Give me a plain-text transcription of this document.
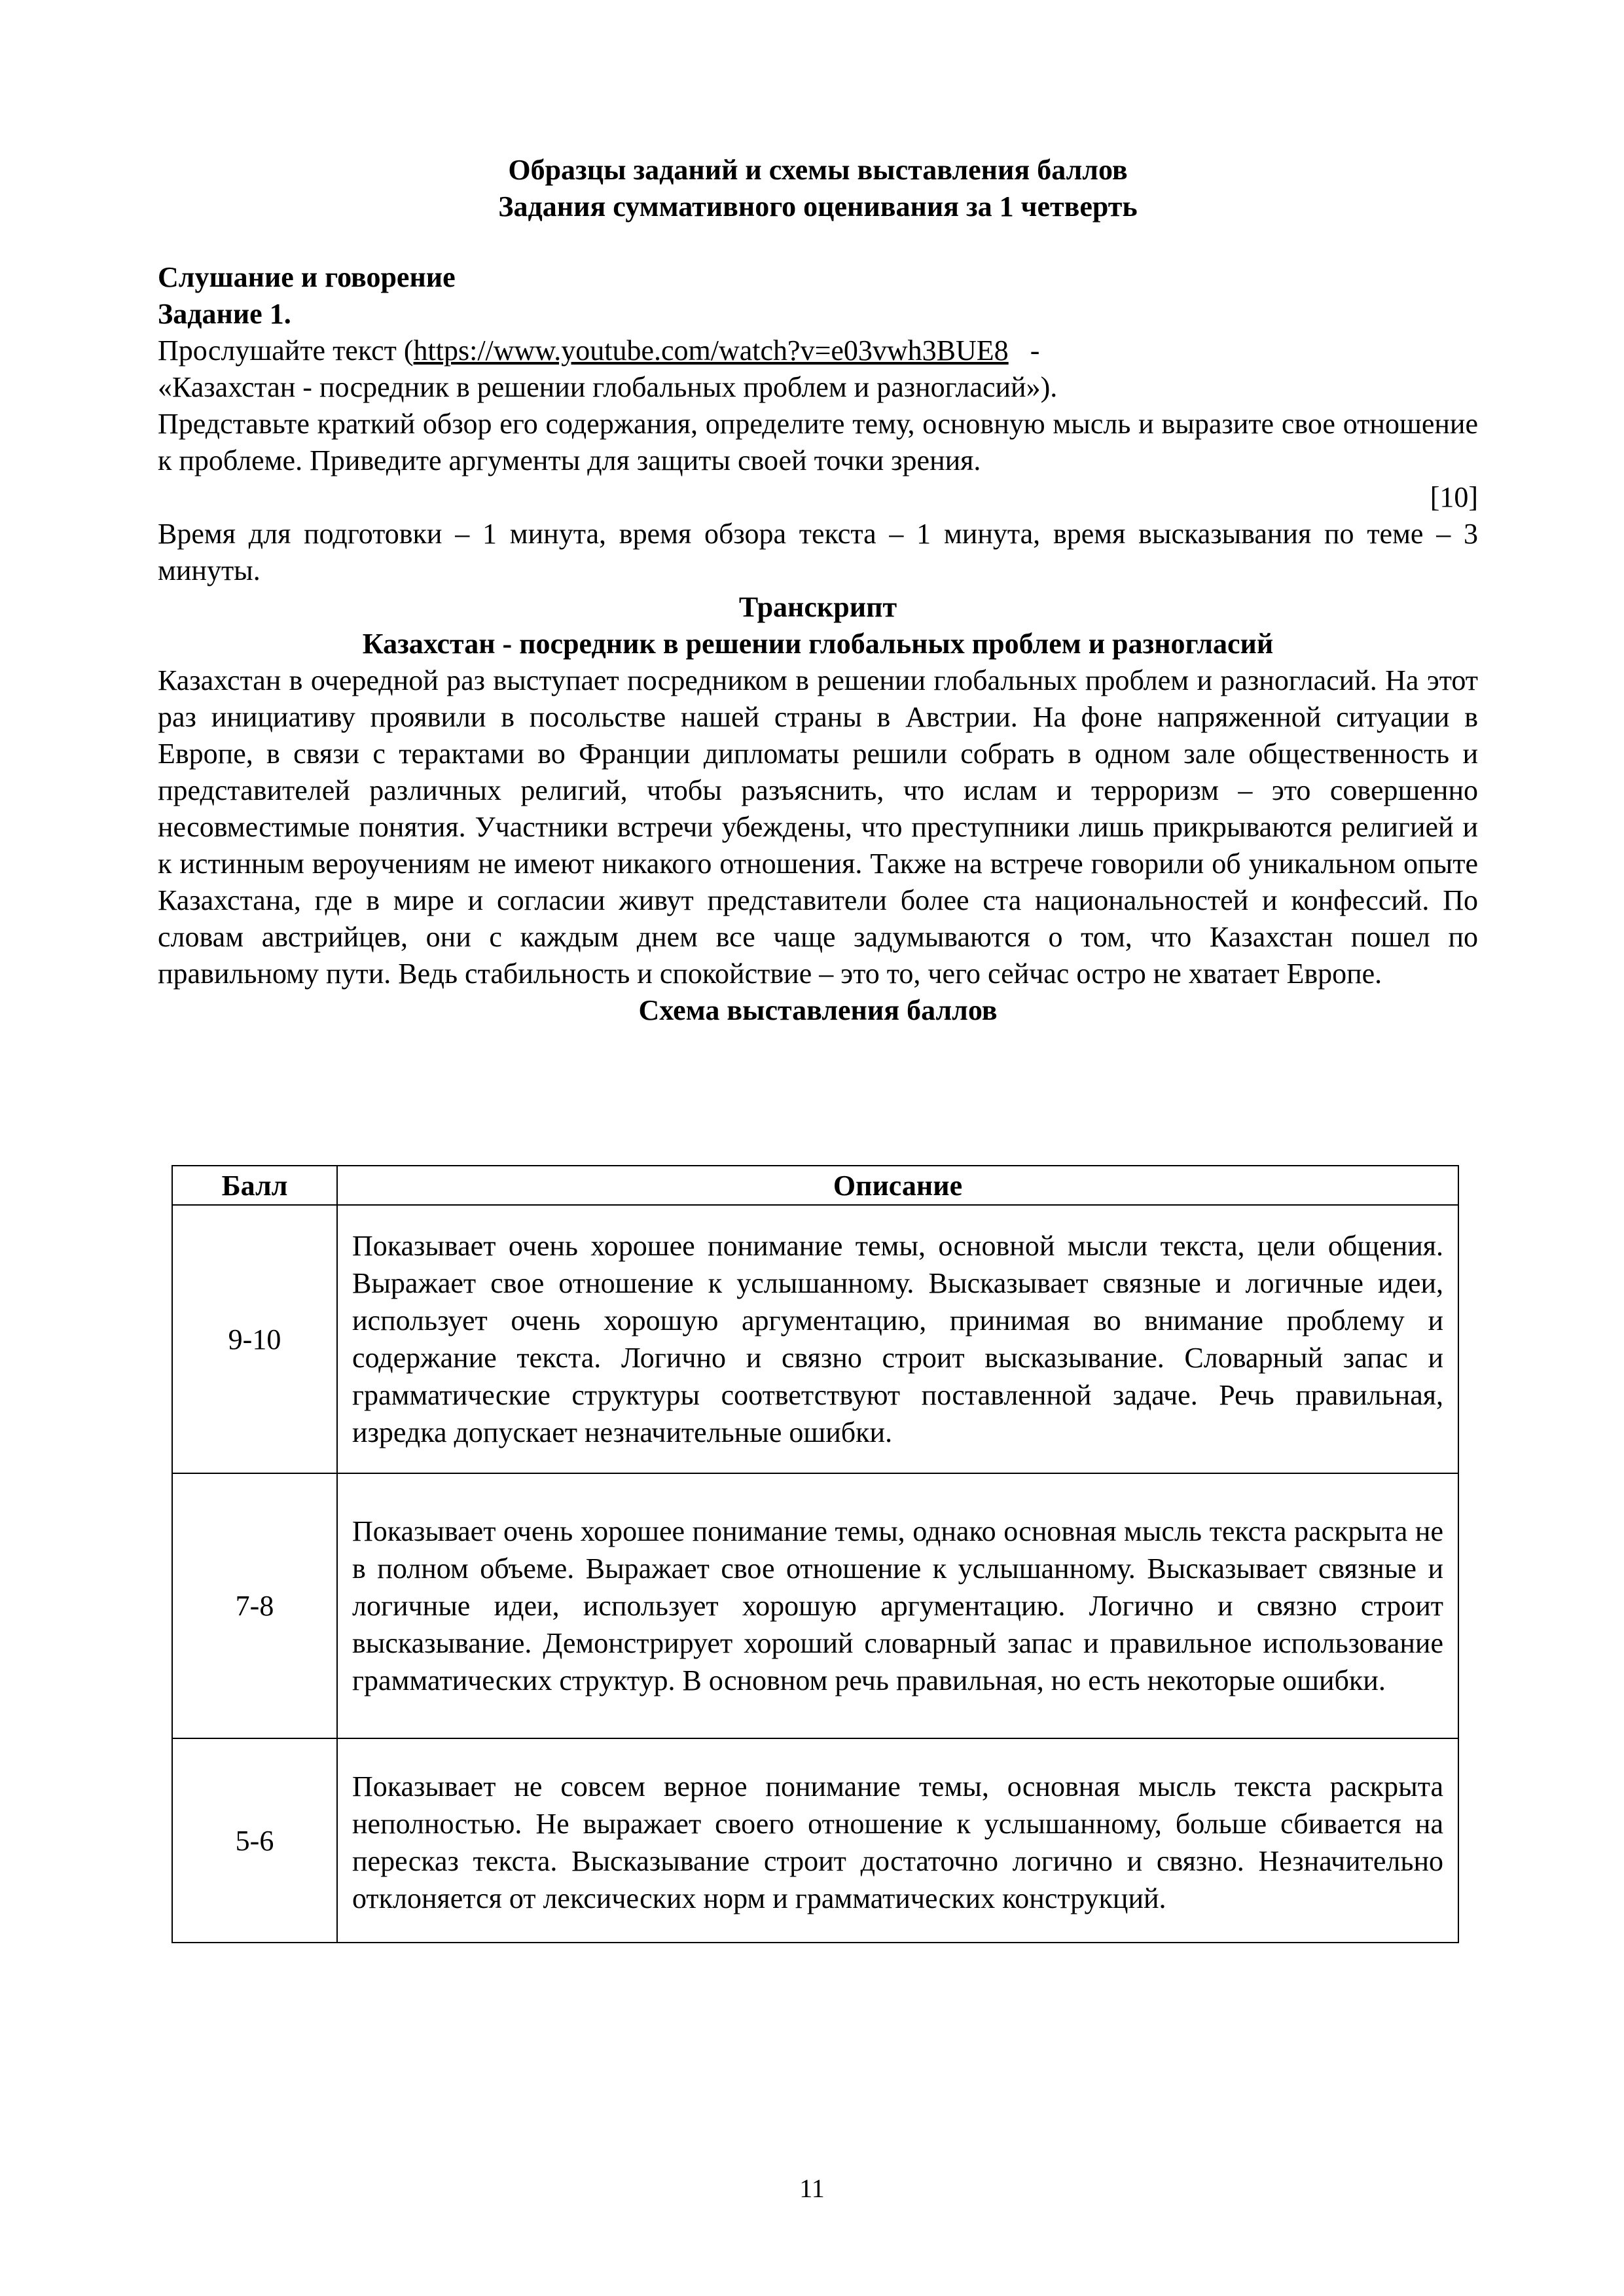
Образцы заданий и схемы выставления баллов

Задания суммативного оценивания за 1 четверть

Слушание и говорение

Задание 1.

Прослушайте текст (https://www.youtube.com/watch?v=e03vwh3BUE8   -

«Казахстан - посредник в решении глобальных проблем и разногласий»).

Представьте краткий обзор его содержания, определите тему, основную мысль и выразите свое отношение к проблеме. Приведите аргументы для защиты своей точки зрения.

[10]

Время для подготовки – 1 минута, время обзора текста – 1 минута, время высказывания по теме – 3 минуты.

Транскрипт

Казахстан - посредник в решении глобальных проблем и разногласий

Казахстан в очередной раз выступает посредником в решении глобальных проблем и разногласий. На этот раз инициативу проявили в посольстве нашей страны в Австрии. На фоне напряженной ситуации в Европе, в связи с терактами во Франции дипломаты решили собрать в одном зале общественность и представителей различных религий, чтобы разъяснить, что ислам и терроризм – это совершенно несовместимые понятия. Участники встречи убеждены, что преступники лишь прикрываются религией и к истинным вероучениям не имеют никакого отношения. Также на встрече говорили об уникальном опыте Казахстана, где в мире и согласии живут представители более ста национальностей и конфессий. По словам австрийцев, они с каждым днем все чаще задумываются о том, что Казахстан пошел по правильному пути. Ведь стабильность и спокойствие – это то, чего сейчас остро не хватает Европе.

Схема выставления баллов

Балл	Описание
9-10	Показывает очень хорошее понимание темы, основной мысли текста, цели общения. Выражает свое отношение к услышанному. Высказывает связные и логичные идеи, использует очень хорошую аргументацию, принимая во внимание проблему и содержание текста. Логично и связно строит высказывание. Словарный запас и грамматические структуры соответствуют поставленной задаче. Речь правильная, изредка допускает незначительные ошибки.
7-8	Показывает очень хорошее понимание темы, однако основная мысль текста раскрыта не в полном объеме. Выражает свое отношение к услышанному. Высказывает связные и логичные идеи, использует хорошую аргументацию. Логично и связно строит высказывание. Демонстрирует хороший словарный запас и правильное использование грамматических структур. В основном речь правильная, но есть некоторые ошибки.
5-6	Показывает не совсем верное понимание темы, основная мысль текста раскрыта неполностью. Не выражает своего отношение к услышанному, больше сбивается на пересказ текста. Высказывание строит достаточно логично и связно. Незначительно отклоняется от лексических норм и грамматических конструкций.
11
